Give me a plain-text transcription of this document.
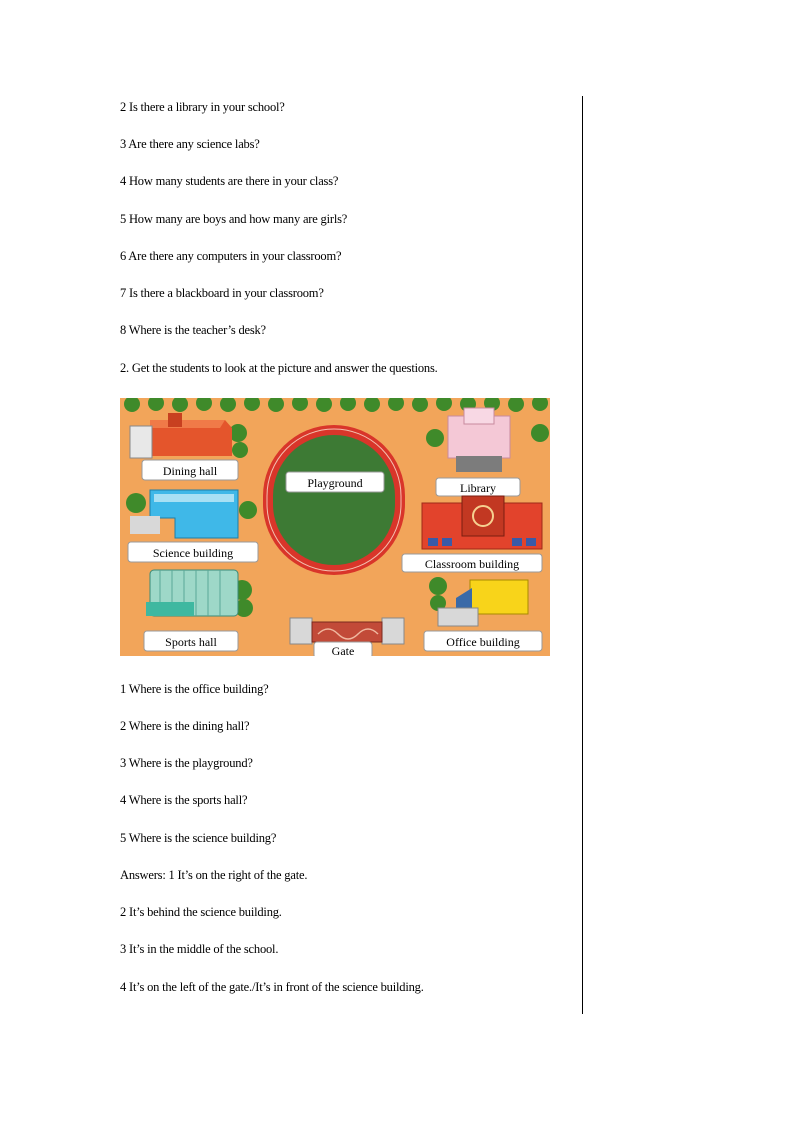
2 Is there a library in your school?
3 Are there any science labs?
4 How many students are there in your class?
5 How many are boys and how many are girls?
6 Are there any computers in your classroom?
7 Is there a blackboard in your classroom?
8 Where is the teacher’s desk?
2. Get the students to look at the picture and answer the questions.
Dining hall
Playground	Library
Science building
Classroom building
Sports hall
Gate
Office building
1 Where is the office building?
2 Where is the dining hall?
3 Where is the playground?
4 Where is the sports hall?
5 Where is the science building?
Answers: 1 It’s on the right of the gate.
2 It’s behind the science building.
3 It’s in the middle of the school.
4 It’s on the left of the gate./It’s in front of the science building.
